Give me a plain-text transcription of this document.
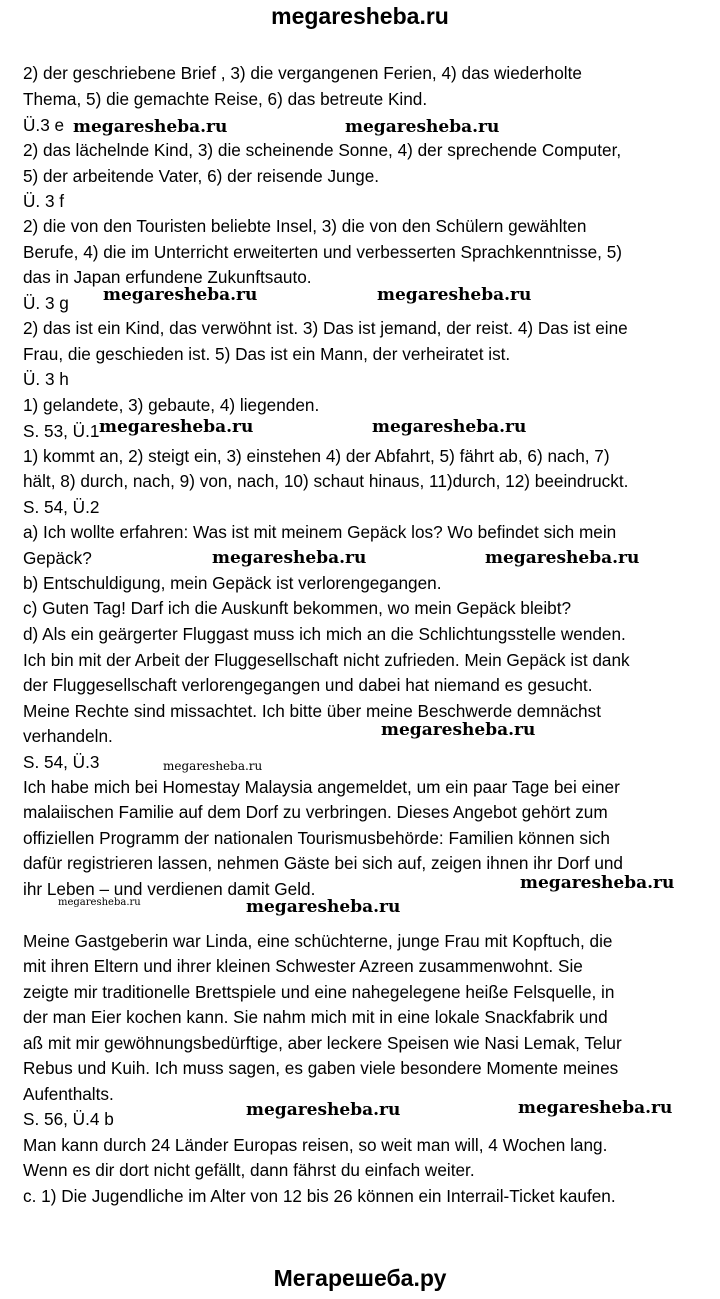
megaresheba.ru
2) der geschriebene Brief , 3) die vergangenen Ferien, 4) das wiederholte
Thema, 5) die gemachte Reise, 6) das betreute Kind.
Ü.3 e
2) das lächelnde Kind, 3) die scheinende Sonne, 4) der sprechende Computer,
5) der arbeitende Vater, 6) der reisende Junge.
Ü. 3 f
2) die von den Touristen beliebte Insel, 3) die von den Schülern gewählten
Berufe, 4) die im Unterricht erweiterten und verbesserten Sprachkenntnisse, 5)
das in Japan erfundene Zukunftsauto.
Ü. 3 g
2) das ist ein Kind, das verwöhnt ist. 3) Das ist jemand, der reist. 4) Das ist eine
Frau, die geschieden ist. 5) Das ist ein Mann, der verheiratet ist.
Ü. 3 h
1) gelandete, 3) gebaute, 4) liegenden.
S. 53, Ü.1
1) kommt an, 2) steigt ein, 3) einstehen 4) der Abfahrt, 5) fährt ab, 6) nach, 7)
hält, 8) durch, nach, 9) von, nach, 10) schaut hinaus, 11)durch, 12) beeindruckt.
S. 54, Ü.2
a) Ich wollte erfahren: Was ist mit meinem Gepäck los? Wo befindet sich mein
Gepäck?
b) Entschuldigung, mein Gepäck ist verlorengegangen.
c) Guten Tag! Darf ich die Auskunft bekommen, wo mein Gepäck bleibt?
d) Als ein geärgerter Fluggast muss ich mich an die Schlichtungsstelle wenden.
Ich bin mit der Arbeit der Fluggesellschaft nicht zufrieden. Mein Gepäck ist dank
der Fluggesellschaft verlorengegangen und dabei hat niemand es gesucht.
Meine Rechte sind missachtet. Ich bitte über meine Beschwerde demnächst
verhandeln.
S. 54, Ü.3
Ich habe mich bei Homestay Malaysia angemeldet, um ein paar Tage bei einer
malaiischen Familie auf dem Dorf zu verbringen. Dieses Angebot gehört zum
offiziellen Programm der nationalen Tourismusbehörde: Familien können sich
dafür registrieren lassen, nehmen Gäste bei sich auf, zeigen ihnen ihr Dorf und
ihr Leben – und verdienen damit Geld.
Meine Gastgeberin war Linda, eine schüchterne, junge Frau mit Kopftuch, die
mit ihren Eltern und ihrer kleinen Schwester Azreen zusammenwohnt. Sie
zeigte mir traditionelle Brettspiele und eine nahegelegene heiße Felsquelle, in
der man Eier kochen kann. Sie nahm mich mit in eine lokale Snackfabrik und
aß mit mir gewöhnungsbedürftige, aber leckere Speisen wie Nasi Lemak, Telur
Rebus und Kuih. Ich muss sagen, es gaben viele besondere Momente meines
Aufenthalts.
S. 56, Ü.4 b
Man kann durch 24 Länder Europas reisen, so weit man will, 4 Wochen lang.
Wenn es dir dort nicht gefällt, dann fährst du einfach weiter.
c. 1) Die Jugendliche im Alter von 12 bis 26 können ein Interrail-Ticket kaufen.
megaresheba.ru	megaresheba.ru
megaresheba.ru	megaresheba.ru
megaresheba.ru	megaresheba.ru
megaresheba.ru	megaresheba.ru
megaresheba.ru
megaresheba.ru
megaresheba.ru
megaresheba.ru	megaresheba.ru
megaresheba.ru	megaresheba.ru
Мегарешеба.ру
